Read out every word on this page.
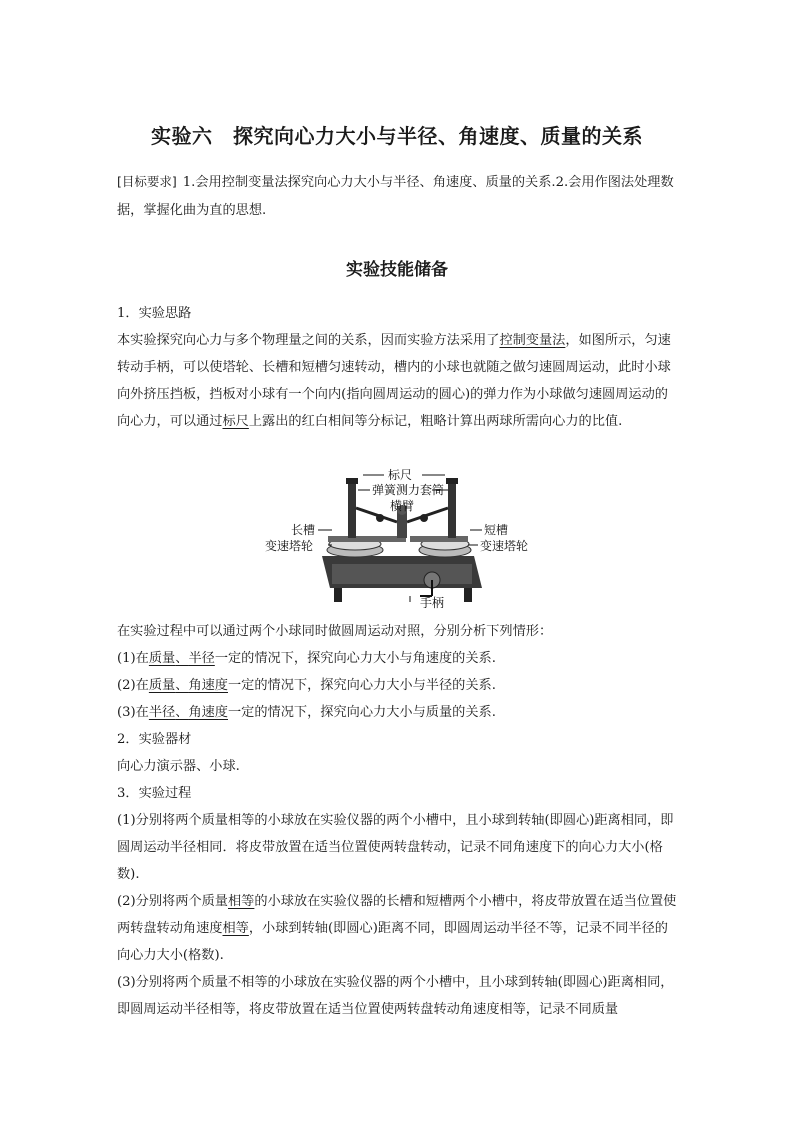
实验六　探究向心力大小与半径、角速度、质量的关系
[目标要求] 1.会用控制变量法探究向心力大小与半径、角速度、质量的关系.2.会用作图法处理数据，掌握化曲为直的思想.
实验技能储备

1．实验思路

本实验探究向心力与多个物理量之间的关系，因而实验方法采用了控制变量法，如图所示，匀速转动手柄，可以使塔轮、长槽和短槽匀速转动，槽内的小球也就随之做匀速圆周运动，此时小球向外挤压挡板，挡板对小球有一个向内(指向圆周运动的圆心)的弹力作为小球做匀速圆周运动的向心力，可以通过标尺上露出的红白相间等分标记，粗略计算出两球所需向心力的比值.

标尺
弹簧测力套筒
横臂
长槽
变速塔轮
短槽
变速塔轮
手柄

在实验过程中可以通过两个小球同时做圆周运动对照，分别分析下列情形：

(1)在质量、半径一定的情况下，探究向心力大小与角速度的关系.

(2)在质量、角速度一定的情况下，探究向心力大小与半径的关系.

(3)在半径、角速度一定的情况下，探究向心力大小与质量的关系.

2．实验器材

向心力演示器、小球.

3．实验过程

(1)分别将两个质量相等的小球放在实验仪器的两个小槽中，且小球到转轴(即圆心)距离相同，即圆周运动半径相同．将皮带放置在适当位置使两转盘转动，记录不同角速度下的向心力大小(格数).

(2)分别将两个质量相等的小球放在实验仪器的长槽和短槽两个小槽中，将皮带放置在适当位置使两转盘转动角速度相等，小球到转轴(即圆心)距离不同，即圆周运动半径不等，记录不同半径的向心力大小(格数).

(3)分别将两个质量不相等的小球放在实验仪器的两个小槽中，且小球到转轴(即圆心)距离相同，即圆周运动半径相等，将皮带放置在适当位置使两转盘转动角速度相等，记录不同质量
